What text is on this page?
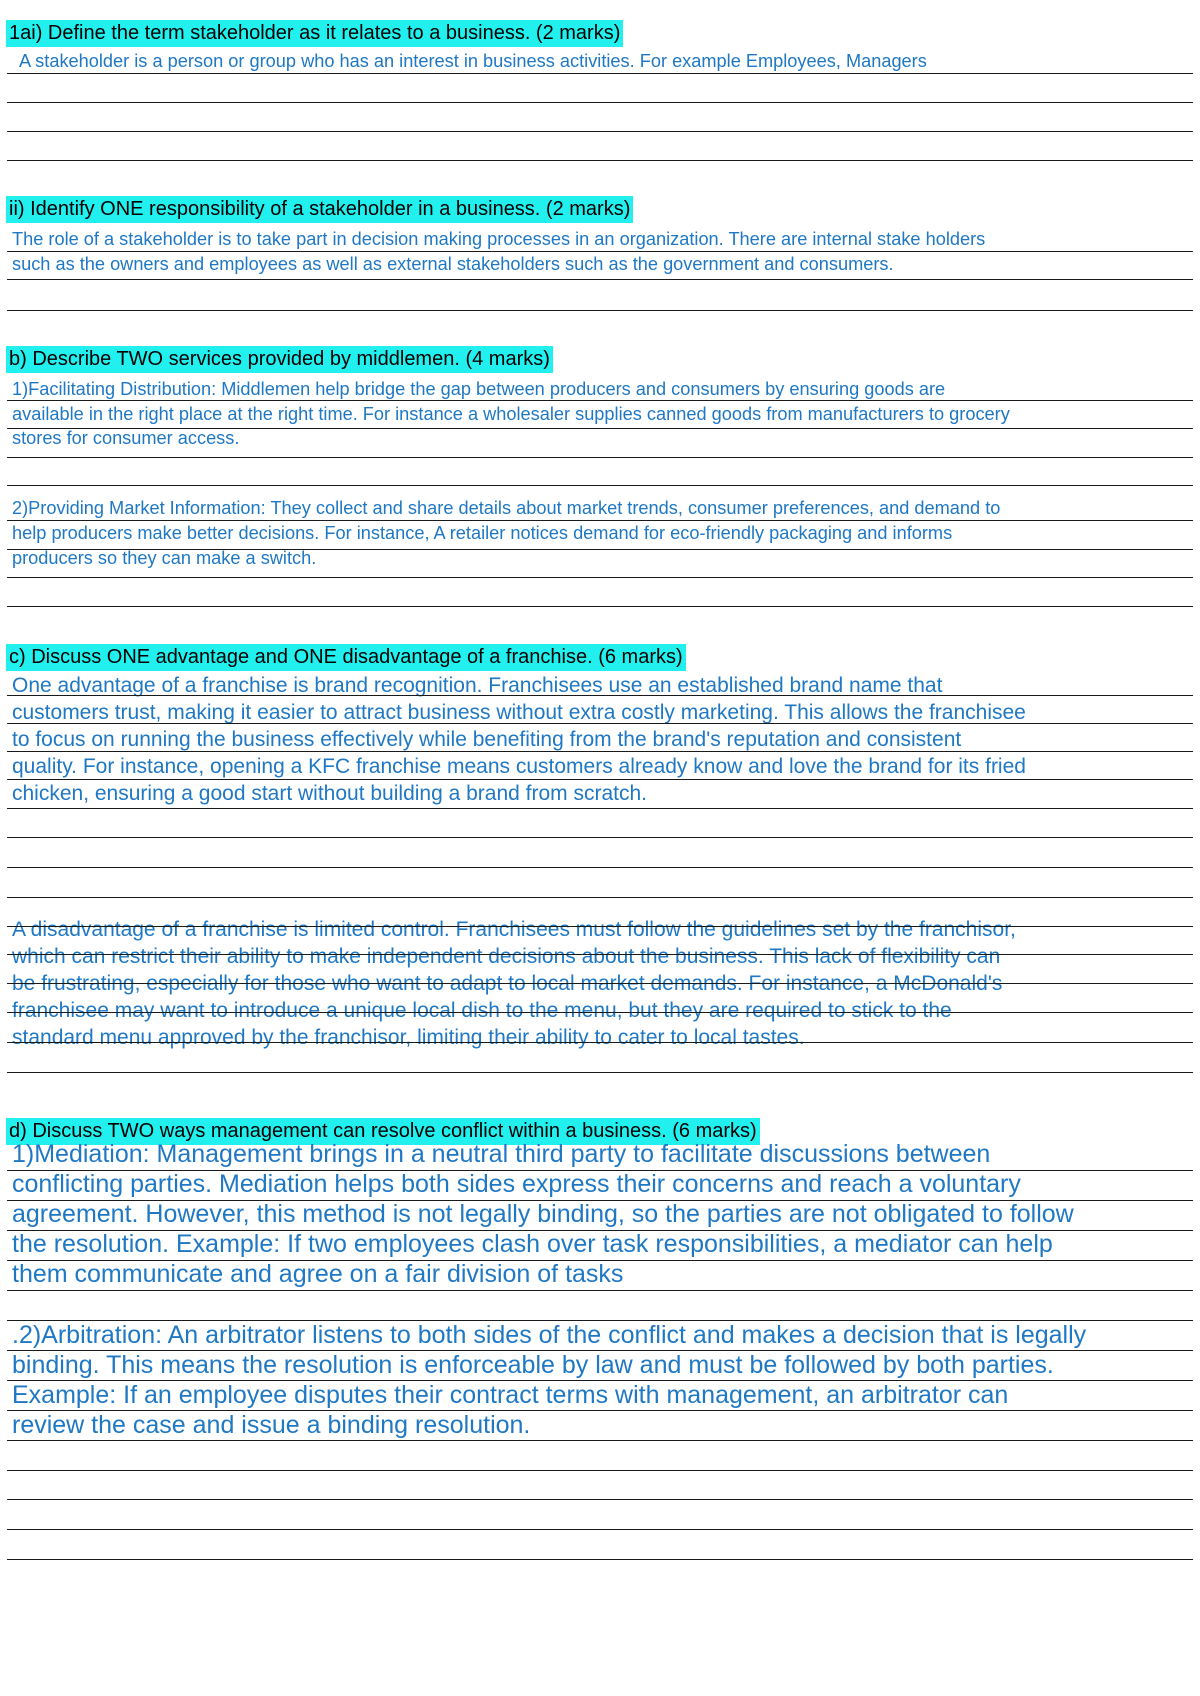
1ai) Define the term stakeholder as it relates to a business. (2 marks)
A stakeholder is a person or group who has an interest in business activities. For example Employees, Managers
ii) Identify ONE responsibility of a stakeholder in a business. (2 marks)
The role of a stakeholder is to take part in decision making processes in an organization. There are internal stake holders
such as the owners and employees as well as external stakeholders such as the government and consumers.
b) Describe TWO services provided by middlemen. (4 marks)
1)Facilitating Distribution: Middlemen help bridge the gap between producers and consumers by ensuring goods are
available in the right place at the right time. For instance a wholesaler supplies canned goods from manufacturers to grocery
stores for consumer access.
2)Providing Market Information: They collect and share details about market trends, consumer preferences, and demand to
help producers make better decisions. For instance, A retailer notices demand for eco-friendly packaging and informs
producers so they can make a switch.
c) Discuss ONE advantage and ONE disadvantage of a franchise. (6 marks)
One advantage of a franchise is brand recognition. Franchisees use an established brand name that
customers trust, making it easier to attract business without extra costly marketing. This allows the franchisee
to focus on running the business effectively while benefiting from the brand's reputation and consistent
quality. For instance, opening a KFC franchise means customers already know and love the brand for its fried
chicken, ensuring a good start without building a brand from scratch.
A disadvantage of a franchise is limited control. Franchisees must follow the guidelines set by the franchisor,
which can restrict their ability to make independent decisions about the business. This lack of flexibility can
be frustrating, especially for those who want to adapt to local market demands. For instance, a McDonald's
franchisee may want to introduce a unique local dish to the menu, but they are required to stick to the
standard menu approved by the franchisor, limiting their ability to cater to local tastes.
d) Discuss TWO ways management can resolve conflict within a business. (6 marks)
1)Mediation: Management brings in a neutral third party to facilitate discussions between
conflicting parties. Mediation helps both sides express their concerns and reach a voluntary
agreement. However, this method is not legally binding, so the parties are not obligated to follow
the resolution. Example: If two employees clash over task responsibilities, a mediator can help
them communicate and agree on a fair division of tasks
.2)Arbitration: An arbitrator listens to both sides of the conflict and makes a decision that is legally
binding. This means the resolution is enforceable by law and must be followed by both parties.
Example: If an employee disputes their contract terms with management, an arbitrator can
review the case and issue a binding resolution.
